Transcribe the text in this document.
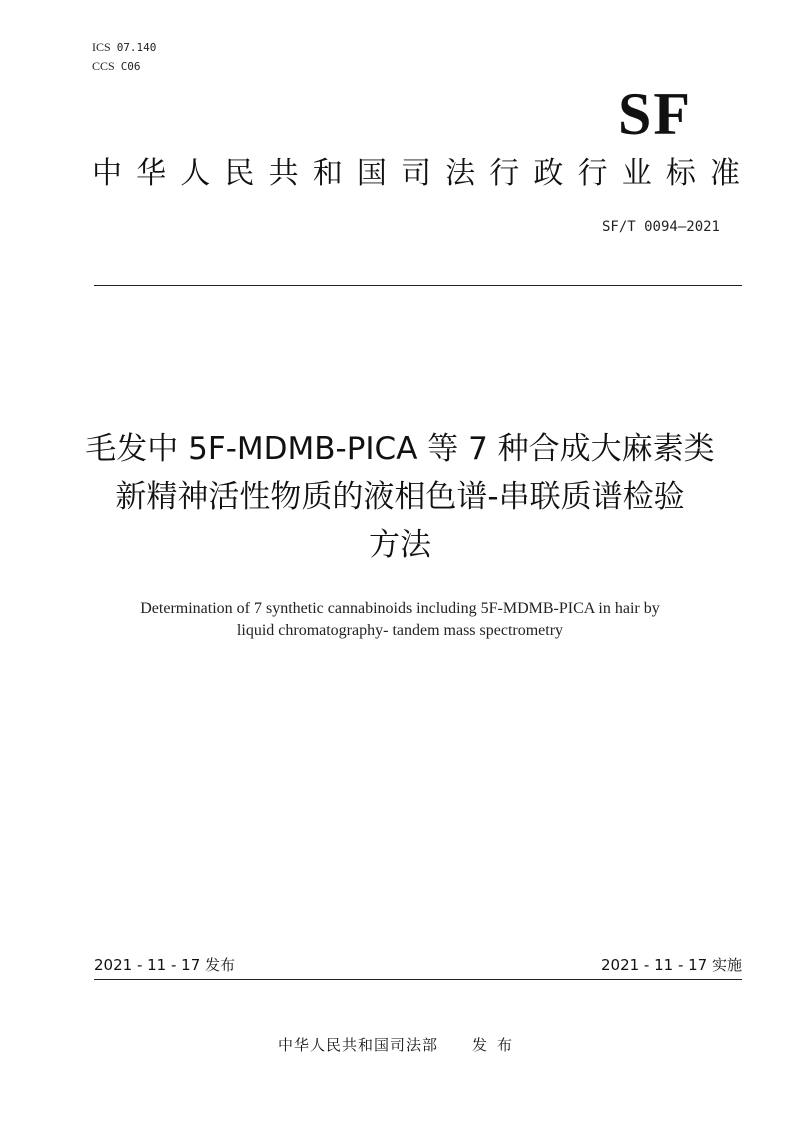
ICS 07.140
CCS C06
SF
中华人民共和国司法行政行业标准
SF/T 0094—2021
毛发中 5F-MDMB-PICA 等 7 种合成大麻素类
新精神活性物质的液相色谱-串联质谱检验
方法
Determination of 7 synthetic cannabinoids including 5F-MDMB-PICA in hair by
liquid chromatography- tandem mass spectrometry
2021 - 11 - 17 发布	2021 - 11 - 17 实施
中华人民共和国司法部 发布
